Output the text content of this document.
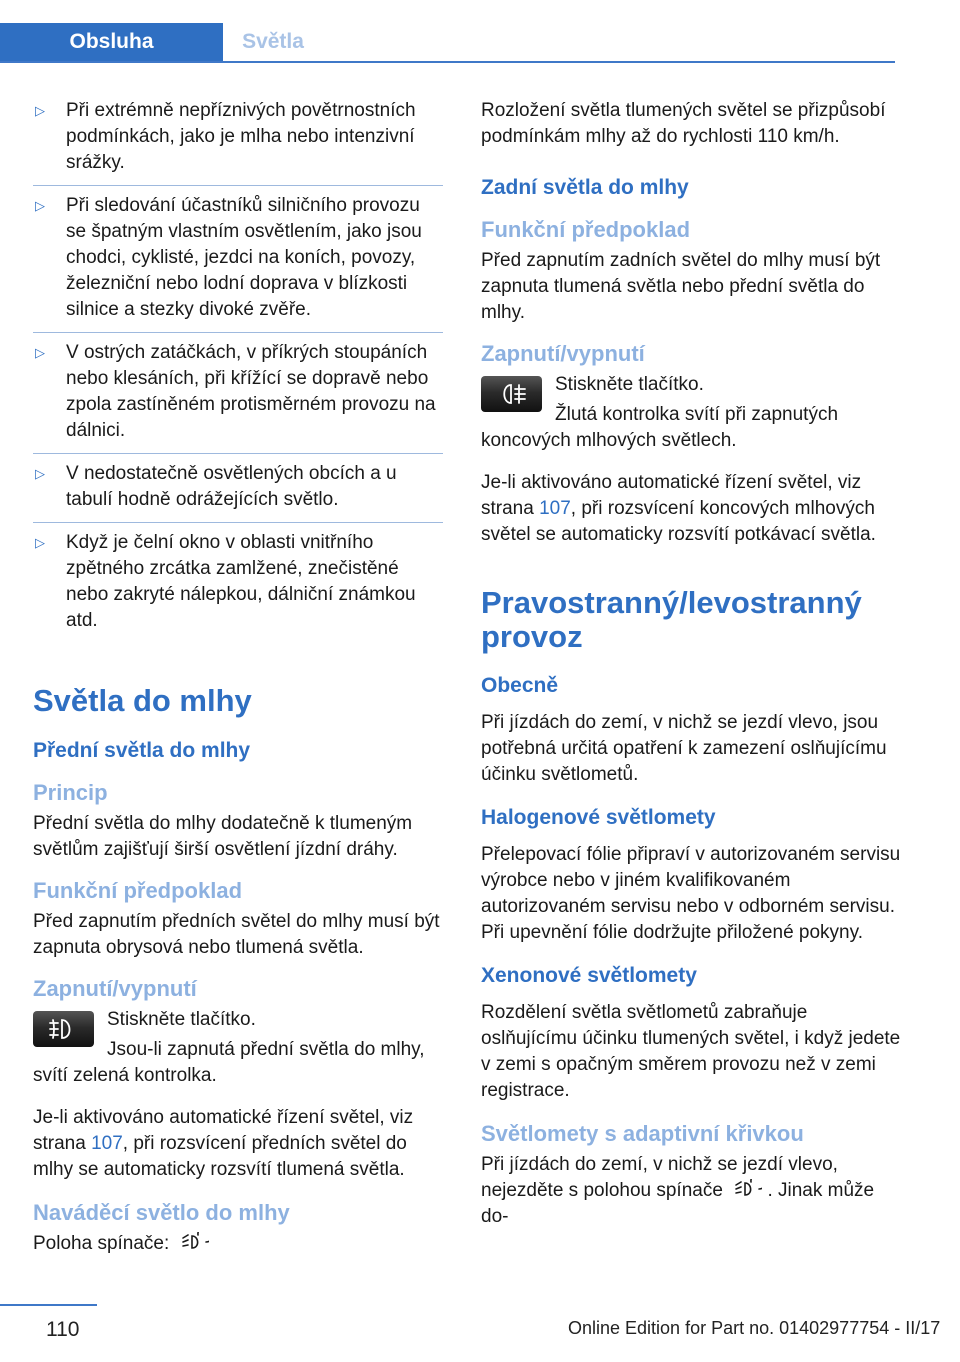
Obsluha	Světla
▷ Při extrémně nepříznivých povětrnostních podmínkách, jako je mlha nebo intenzivní srážky.
▷ Při sledování účastníků silničního provozu se špatným vlastním osvětlením, jako jsou chodci, cyklisté, jezdci na koních, povozy, železniční nebo lodní doprava v blízkosti silnice a stezky divoké zvěře.
▷ V ostrých zatáčkách, v příkrých stoupáních nebo klesáních, při křížící se dopravě nebo zpola zastíněném protisměrném provozu na dálnici.
▷ V nedostatečně osvětlených obcích a u tabulí hodně odrážejících světlo.
▷ Když je čelní okno v oblasti vnitřního zpětného zrcátka zamlžené, znečistěné nebo zakryté nálepkou, dálniční známkou atd.
Světla do mlhy
Přední světla do mlhy
Princip

Přední světla do mlhy dodatečně k tlumeným světlům zajišťují širší osvětlení jízdní dráhy.

Funkční předpoklad

Před zapnutím předních světel do mlhy musí být zapnuta obrysová nebo tlumená světla.

Zapnutí/vypnutí

Stiskněte tlačítko.

Jsou-li zapnutá přední světla do mlhy, svítí zelená kontrolka.

Je-li aktivováno automatické řízení světel, viz strana 107, při rozsvícení předních světel do mlhy se automaticky rozsvítí tlumená světla.

Naváděcí světlo do mlhy

Poloha spínače:

Rozložení světla tlumených světel se přizpůsobí podmínkám mlhy až do rychlosti 110 km/h.

Zadní světla do mlhy
Funkční předpoklad

Před zapnutím zadních světel do mlhy musí být zapnuta tlumená světla nebo přední světla do mlhy.

Zapnutí/vypnutí

Stiskněte tlačítko.

Žlutá kontrolka svítí při zapnutých koncových mlhových světlech.

Je-li aktivováno automatické řízení světel, viz strana 107, při rozsvícení koncových mlhových světel se automaticky rozsvítí potkávací světla.

Pravostranný/levostranný provoz
Obecně

Při jízdách do zemí, v nichž se jezdí vlevo, jsou potřebná určitá opatření k zamezení oslňujícímu účinku světlometů.

Halogenové světlomety

Přelepovací fólie připraví v autorizovaném servisu výrobce nebo v jiném kvalifikovaném autorizovaném servisu nebo v odborném servisu. Při upevnění fólie dodržujte přiložené pokyny.

Xenonové světlomety

Rozdělení světla světlometů zabraňuje oslňujícímu účinku tlumených světel, i když jedete v zemi s opačným směrem provozu než v zemi registrace.

Světlomety s adaptivní křivkou

Při jízdách do zemí, v nichž se jezdí vlevo, nejezděte s polohou spínače  . Jinak může do-

110	Online Edition for Part no. 01402977754 - II/17
